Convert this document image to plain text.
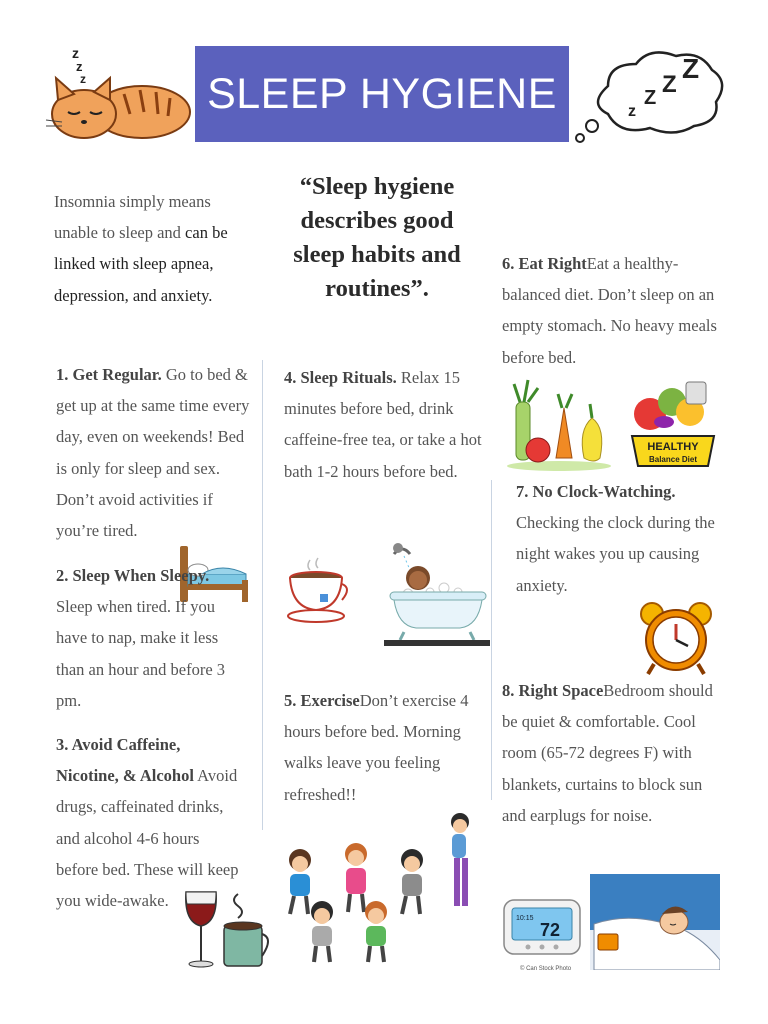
SLEEP HYGIENE
z
z
z
z
Z Z
Z
“Sleep hygiene describes good sleep habits and routines”.
Insomnia simply means unable to sleep and can be linked with sleep apnea, depression, and anxiety.
1. Get Regular. Go to bed & get up at the same time every day, even on weekends! Bed is only for sleep and sex. Don’t avoid activities if you’re tired.
2. Sleep When Sleepy. Sleep when tired. If you have to nap, make it less than an hour and before 3 pm.
3. Avoid Caffeine, Nicotine, & Alcohol Avoid drugs, caffeinated drinks, and alcohol 4-6 hours before bed. These will keep you wide-awake.
4. Sleep Rituals. Relax 15 minutes before bed, drink caffeine-free tea, or take a hot bath 1-2 hours before bed.
5. ExerciseDon’t exercise 4 hours before bed. Morning walks leave you feeling refreshed!!
6. Eat RightEat a healthy-balanced diet. Don’t sleep on an empty stomach. No heavy meals before bed.
HEALTHY
Balance Diet
7. No Clock-Watching. Checking the clock during the night wakes you up causing anxiety.
8. Right SpaceBedroom should be quiet & comfortable. Cool room (65-72 degrees F) with blankets, curtains to block sun and earplugs for noise.
10:15
72
© Can Stock Photo
